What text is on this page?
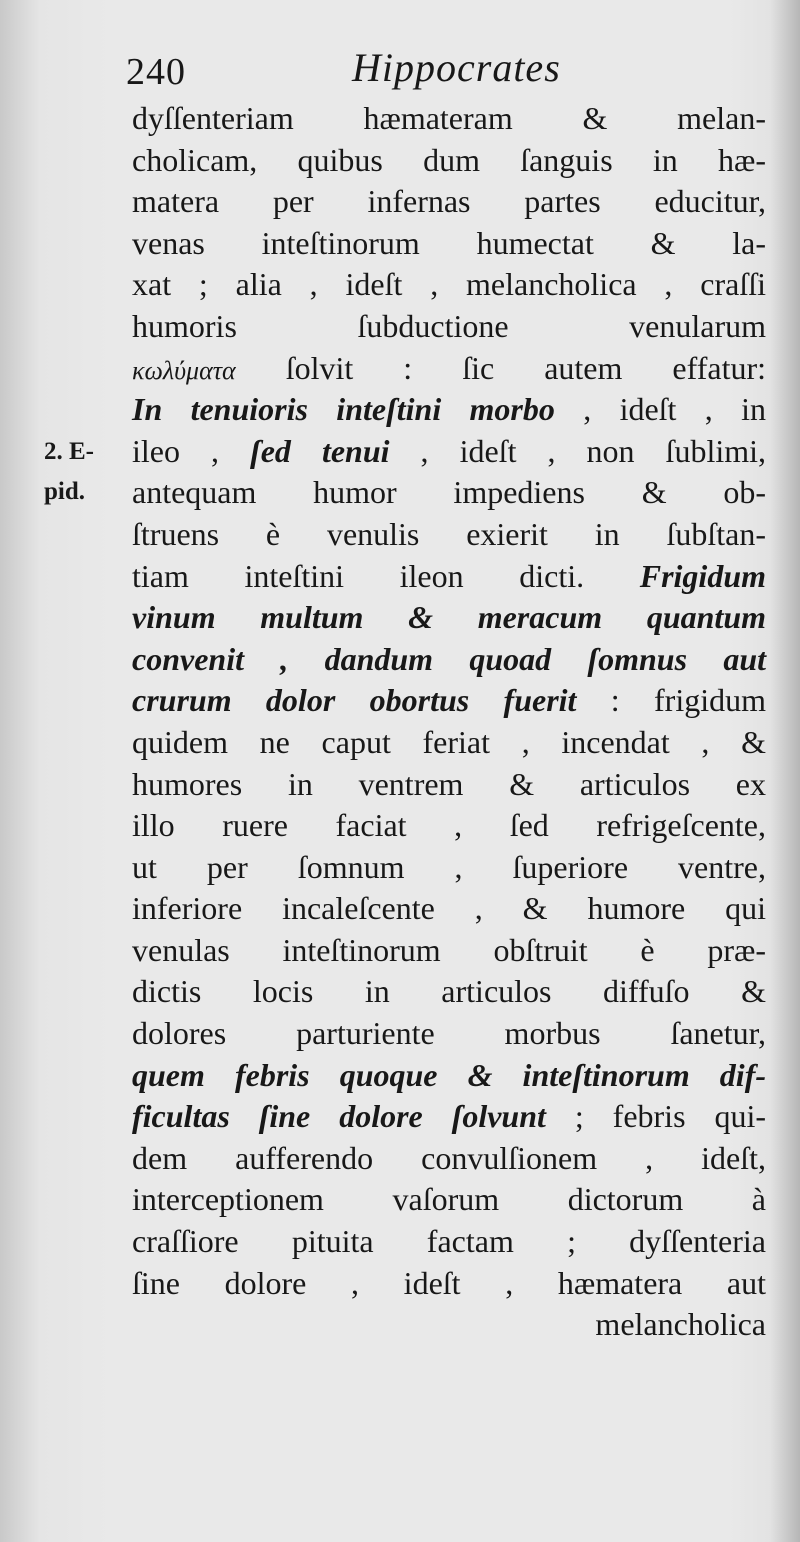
240	Hippocrates
2. E-
pid.
dyſſenteriam hæmateram & melan-
cholicam, quibus dum ſanguis in hæ-
matera per infernas partes educitur,
venas inteſtinorum humectat & la-
xat ; alia , ideſt , melancholica , craſſi
humoris ſubductione venularum
κωλύματα ſolvit : ſic autem effatur:
In tenuioris inteſtini morbo , ideſt , in
ileo , ſed tenui , ideſt , non ſublimi,
antequam humor impediens & ob-
ſtruens è venulis exierit in ſubſtan-
tiam inteſtini ileon dicti. Frigidum
vinum multum & meracum quantum
convenit , dandum quoad ſomnus aut
crurum dolor obortus fuerit : frigidum
quidem ne caput feriat , incendat , &
humores in ventrem & articulos ex
illo ruere faciat , ſed refrigeſcente,
ut per ſomnum , ſuperiore ventre,
inferiore incaleſcente , & humore qui
venulas inteſtinorum obſtruit è præ-
dictis locis in articulos diffuſo &
dolores parturiente morbus ſanetur,
quem febris quoque & inteſtinorum dif-
ficultas ſine dolore ſolvunt ; febris qui-
dem aufferendo convulſionem , ideſt,
interceptionem vaſorum dictorum à
craſſiore pituita factam ; dyſſenteria
ſine dolore , ideſt , hæmatera aut
melancholica
